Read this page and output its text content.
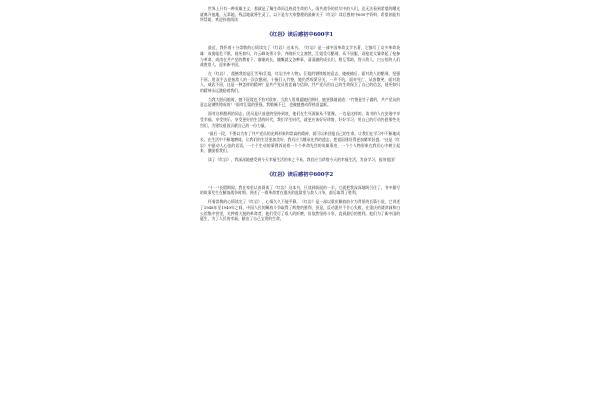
世界上只有一种英雄主义，那就是了解生命而且热爱生命的人。国共战争的伏尔中的人们，达无法看到希望的曙光就离开他地，无辜地，残忍地就将生灵了。以下是为大家整理的最新关于《红岩》读后感初中600字资料，希望你能有所帮助，欢迎你的阅读

《红岩》读后感初中600字1

最近，我怀着十分崇敬的心情读完了《红岩》这本书。《红岩》是一部中国革命文学名著，它描写了众多革命英雄：成岗临危不惧，视死如归，许云峰英勇斗争，齐晓轩大义凛然，江姐受尽酷刑，从不屈服，双枪老太婆拿起了枪参与革命，成岗在共产党的教育下，渐渐成长，慷慨就义各种事，清清澈的成长们，相互帮助，智斗敌人，白公馆的人们战胜敌人，迎来新中国。

在《红岩》，震撼我的是江雪琴(江姐，红岩书中人物)。江姐的钢铁般的意志，她被捕后，面对敌人的酷刑，坚强不屈，用双手去迎接敌人的一次次酷刑，十指钉入竹签，她仍然咬紧牙关，一声不吭，面对死亡，从容微笑，面对敌人，威武不屈，这是一种怎样的精神？是共产党员的忠诚与信仰，共产党员用自己的生命保卫了自己的信念，视死如归的精神永远激励着我们。

当我大胆问她时，她不说谎也不怕对敌审，当敌人用刑逼她招供时，她坚强地说道："竹签是竹子做的，共产党员的意志是钢铁铸成的！"面对江姐的坚强，我敬佩不已，也被她感动得热泪盈眶。

面对这样酷刑的同志，团员是只前进的坚持到底，他们在生死面前从不犹豫。一边是这样的，读书的人在安逸中享受幸福，享受快乐，享受更好的生活的时代，我们学生时代，就更应该好好珍惜，好好学习，用自己的行动告慰那些先烈们，为建设祖国贡献自己的一份力量。

"最后一段，不要以为有了共产党员的光辉形象和崇高的精神，就可以来回报自己的生命。让我们在学习中不断地成长，在生活中不断地磨练，让我们的生活更加美好，我们应当继承先烈的遗志，把祖国建设得更加繁荣昌盛。"这是《红岩》中最动人心弦的话语，一个个生动的事例诉说着一个个革命先烈的英雄事迹，一个个人物形象在我们心中树立起来，激励着我们。

读了《红岩》，我深深地感受到今天幸福生活的来之不易，我们应当珍惜今天的幸福生活，发奋学习，报效祖国！

《红岩》读后感初中600字2

"十一"长假期间，我在家里认真阅读了《红岩》这本书，只读到前面的一半，它就把我深深地吸引住了。书中描写的故事发生在解放战争时期，讲述了一群革命者在重庆的监狱里与敌人斗争，最后取得了胜利。

怀着崇敬的心情读完了《红岩》，心情久久不能平静。《红岩》是一部以重庆解放前夕为背景的长篇小说，它讲述了1948年至1949年之间，中国人民的解放斗争取得了辉煌的胜利，但是，反动派并不甘心失败，在重庆的渣滓洞和白公馆集中营里，关押着大批的革命者，他们受尽了敌人的折磨，但依然坚持斗争，直到最后的胜利。他们为了新中国的诞生，为了人民的幸福，献出了自己宝贵的生命。
